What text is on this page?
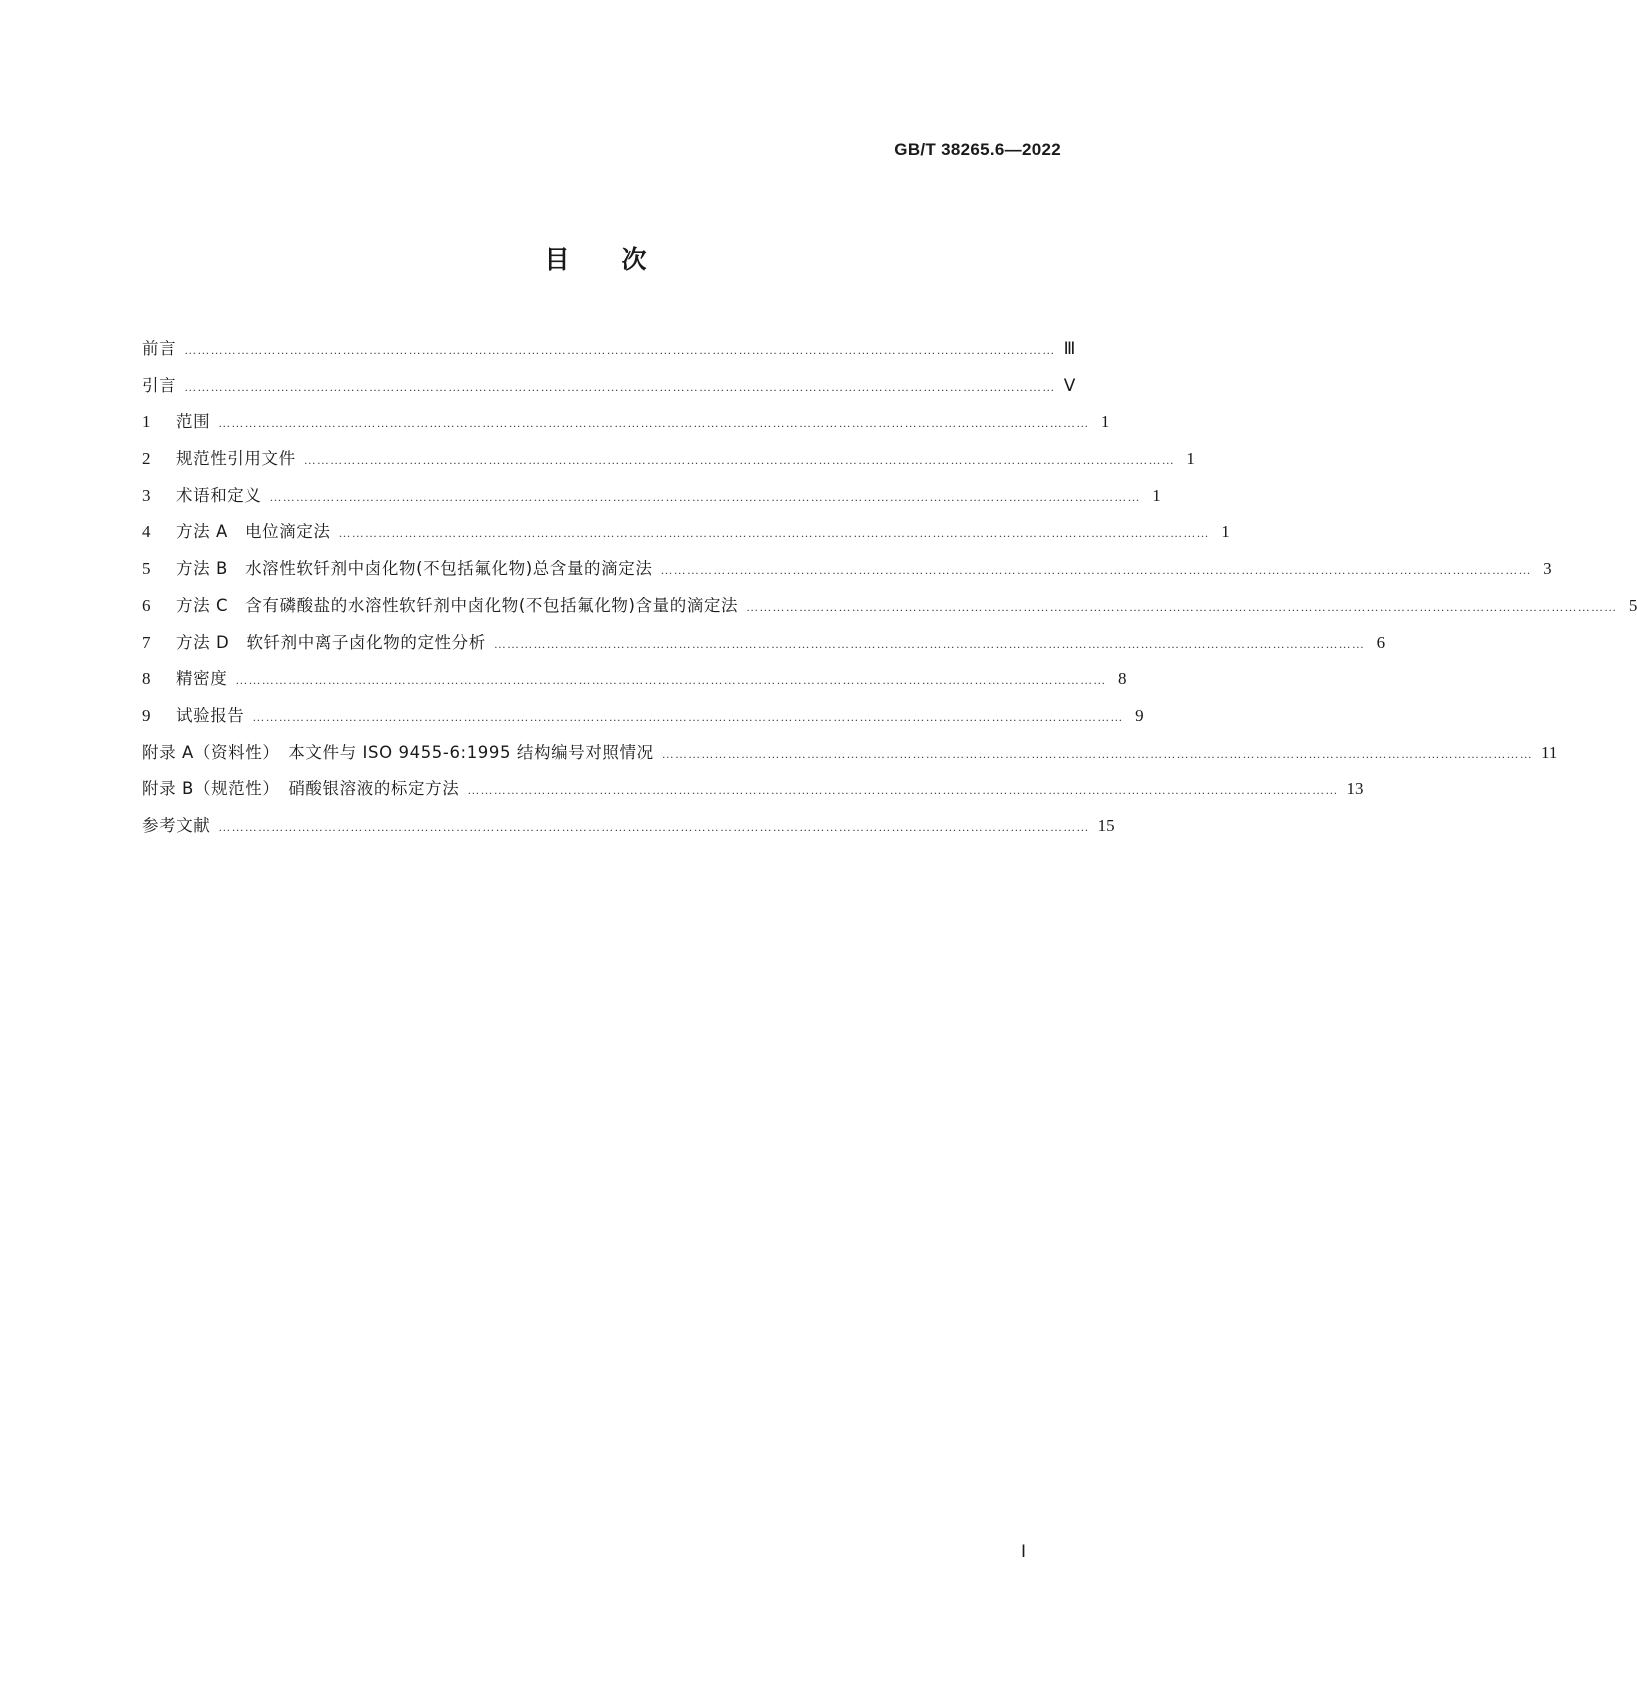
GB/T 38265.6—2022
目次
前言 ……………………………………………………………………………………………………………………………………………………………………………… Ⅲ
引言 ……………………………………………………………………………………………………………………………………………………………………………… Ⅴ
1	范围 ……………………………………………………………………………………………………………………………………………………………………………… 1
2	规范性引用文件 ……………………………………………………………………………………………………………………………………………………………………………… 1
3	术语和定义 ……………………………………………………………………………………………………………………………………………………………………………… 1
4	方法 A　电位滴定法 ……………………………………………………………………………………………………………………………………………………………………………… 1
5	方法 B　水溶性软钎剂中卤化物(不包括氟化物)总含量的滴定法 ……………………………………………………………………………………………………………………………………………………………………………… 3
6	方法 C　含有磷酸盐的水溶性软钎剂中卤化物(不包括氟化物)含量的滴定法 ……………………………………………………………………………………………………………………………………………………………………………… 5
7	方法 D　软钎剂中离子卤化物的定性分析 ……………………………………………………………………………………………………………………………………………………………………………… 6
8	精密度 ……………………………………………………………………………………………………………………………………………………………………………… 8
9	试验报告 ……………………………………………………………………………………………………………………………………………………………………………… 9
附录 A（资料性）　本文件与 ISO 9455-6:1995 结构编号对照情况 ……………………………………………………………………………………………………………………………………………………………………………… 11
附录 B（规范性）　硝酸银溶液的标定方法 ……………………………………………………………………………………………………………………………………………………………………………… 13
参考文献 ……………………………………………………………………………………………………………………………………………………………………………… 15
Ⅰ
